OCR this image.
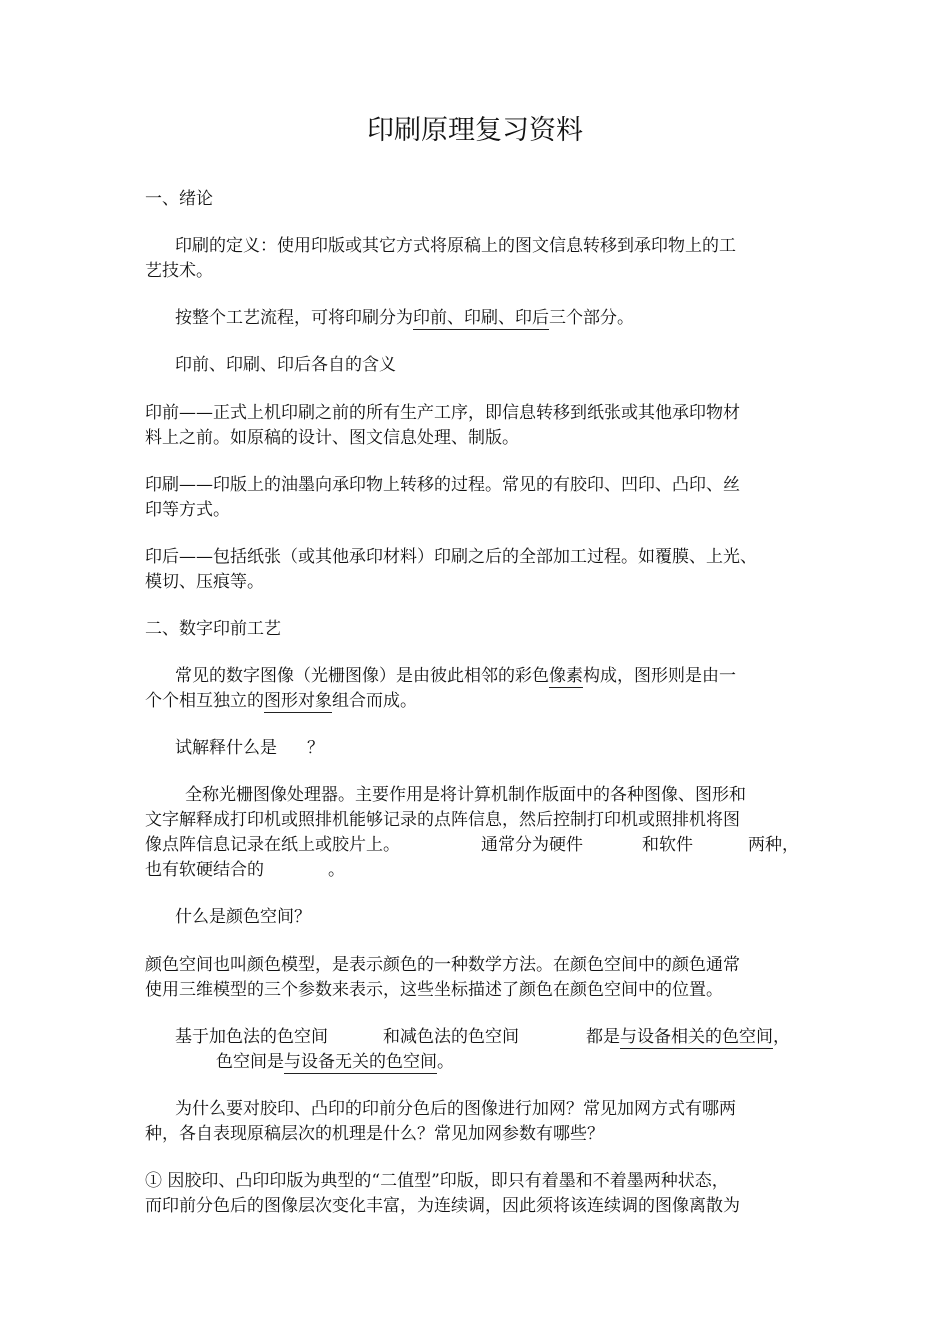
印刷原理复习资料
一、绪论
印刷的定义：使用印版或其它方式将原稿上的图文信息转移到承印物上的工
艺技术。
按整个工艺流程，可将印刷分为印前、印刷、印后三个部分。
印前、印刷、印后各自的含义
印前——正式上机印刷之前的所有生产工序，即信息转移到纸张或其他承印物材
料上之前。如原稿的设计、图文信息处理、制版。
印刷——印版上的油墨向承印物上转移的过程。常见的有胶印、凹印、凸印、丝
印等方式。
印后——包括纸张（或其他承印材料）印刷之后的全部加工过程。如覆膜、上光、
模切、压痕等。
二、数字印前工艺
常见的数字图像（光栅图像）是由彼此相邻的彩色像素构成，图形则是由一
个个相互独立的图形对象组合而成。
试解释什么是 ？
全称光栅图像处理器。主要作用是将计算机制作版面中的各种图像、图形和
文字解释成打印机或照排机能够记录的点阵信息，然后控制打印机或照排机将图
像点阵信息记录在纸上或胶片上。	通常分为硬件	和软件	两种，
也有软硬结合的	。
什么是颜色空间？
颜色空间也叫颜色模型，是表示颜色的一种数学方法。在颜色空间中的颜色通常
使用三维模型的三个参数来表示，这些坐标描述了颜色在颜色空间中的位置。
基于加色法的色空间	和减色法的色空间	都是与设备相关的色空间，
色空间是与设备无关的色空间。
为什么要对胶印、凸印的印前分色后的图像进行加网？常见加网方式有哪两
种，各自表现原稿层次的机理是什么？常见加网参数有哪些？
① 因胶印、凸印印版为典型的“二值型”印版，即只有着墨和不着墨两种状态，
而印前分色后的图像层次变化丰富，为连续调，因此须将该连续调的图像离散为
